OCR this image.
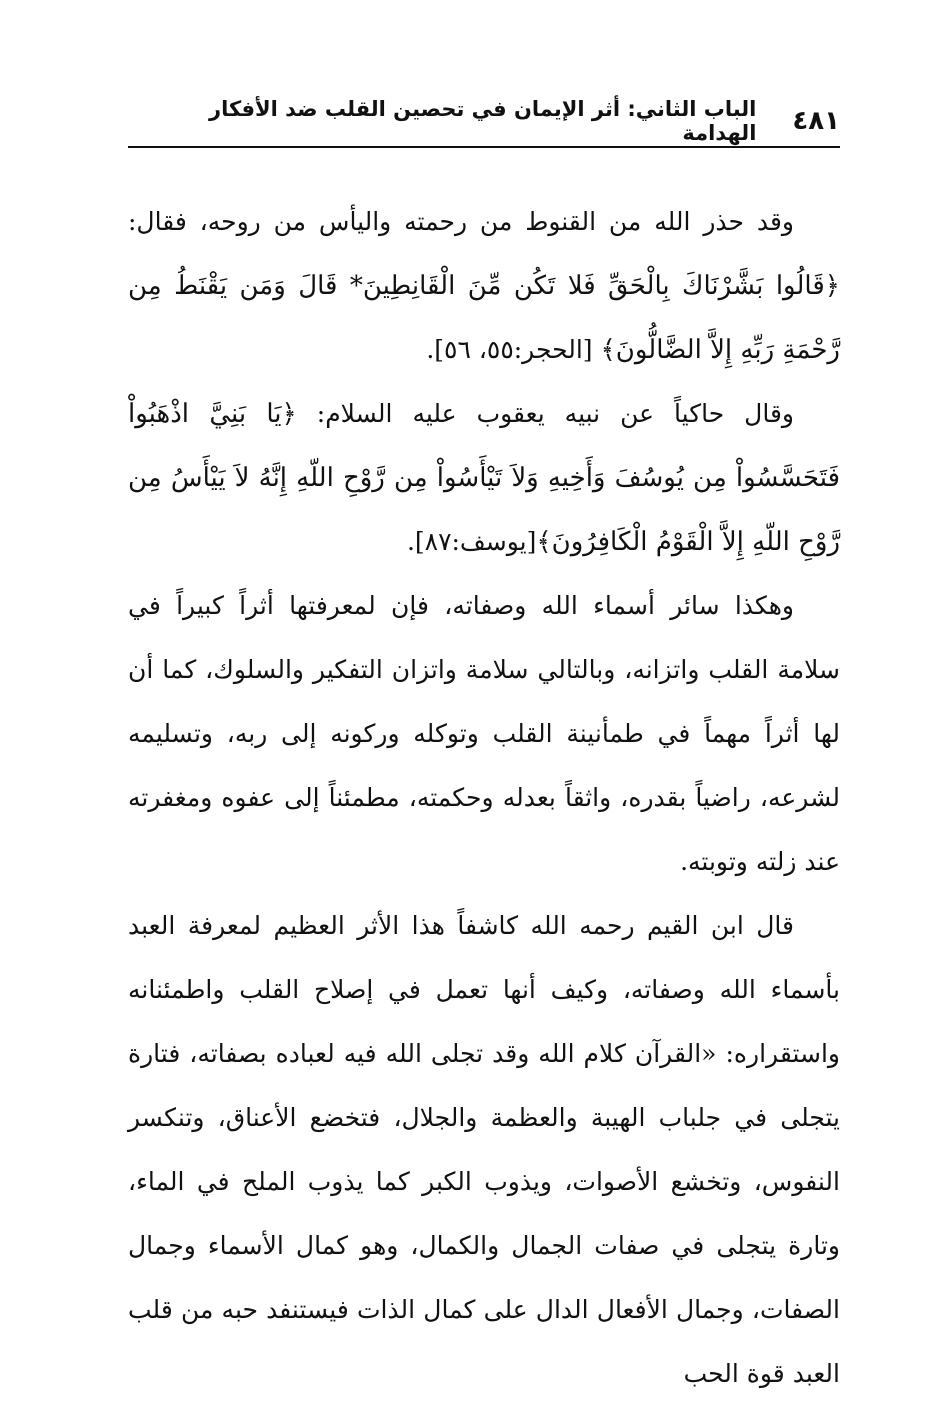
٤٨١
الباب الثاني: أثر الإيمان في تحصين القلب ضد الأفكار الهدامة

وقد حذر الله من القنوط من رحمته واليأس من روحه، فقال: ﴿قَالُوا بَشَّرْنَاكَ بِالْحَقِّ فَلا تَكُن مِّنَ الْقَانِطِينَ* قَالَ وَمَن يَقْنَطُ مِن رَّحْمَةِ رَبِّهِ إِلاَّ الضَّالُّونَ﴾ [الحجر:٥٥، ٥٦].

وقال حاكياً عن نبيه يعقوب عليه السلام: ﴿يَا بَنِيَّ اذْهَبُواْ فَتَحَسَّسُواْ مِن يُوسُفَ وَأَخِيهِ وَلاَ تَيْأَسُواْ مِن رَّوْحِ اللّهِ إِنَّهُ لاَ يَيْأَسُ مِن رَّوْحِ اللّهِ إِلاَّ الْقَوْمُ الْكَافِرُونَ﴾[يوسف:٨٧].

وهكذا سائر أسماء الله وصفاته، فإن لمعرفتها أثراً كبيراً في سلامة القلب واتزانه، وبالتالي سلامة واتزان التفكير والسلوك، كما أن لها أثراً مهماً في طمأنينة القلب وتوكله وركونه إلى ربه، وتسليمه لشرعه، راضياً بقدره، واثقاً بعدله وحكمته، مطمئناً إلى عفوه ومغفرته عند زلته وتوبته.

قال ابن القيم رحمه الله كاشفاً هذا الأثر العظيم لمعرفة العبد بأسماء الله وصفاته، وكيف أنها تعمل في إصلاح القلب واطمئنانه واستقراره: «القرآن كلام الله وقد تجلى الله فيه لعباده بصفاته، فتارة يتجلى في جلباب الهيبة والعظمة والجلال، فتخضع الأعناق، وتنكسر النفوس، وتخشع الأصوات، ويذوب الكبر كما يذوب الملح في الماء، وتارة يتجلى في صفات الجمال والكمال، وهو كمال الأسماء وجمال الصفات، وجمال الأفعال الدال على كمال الذات فيستنفد حبه من قلب العبد قوة الحب
